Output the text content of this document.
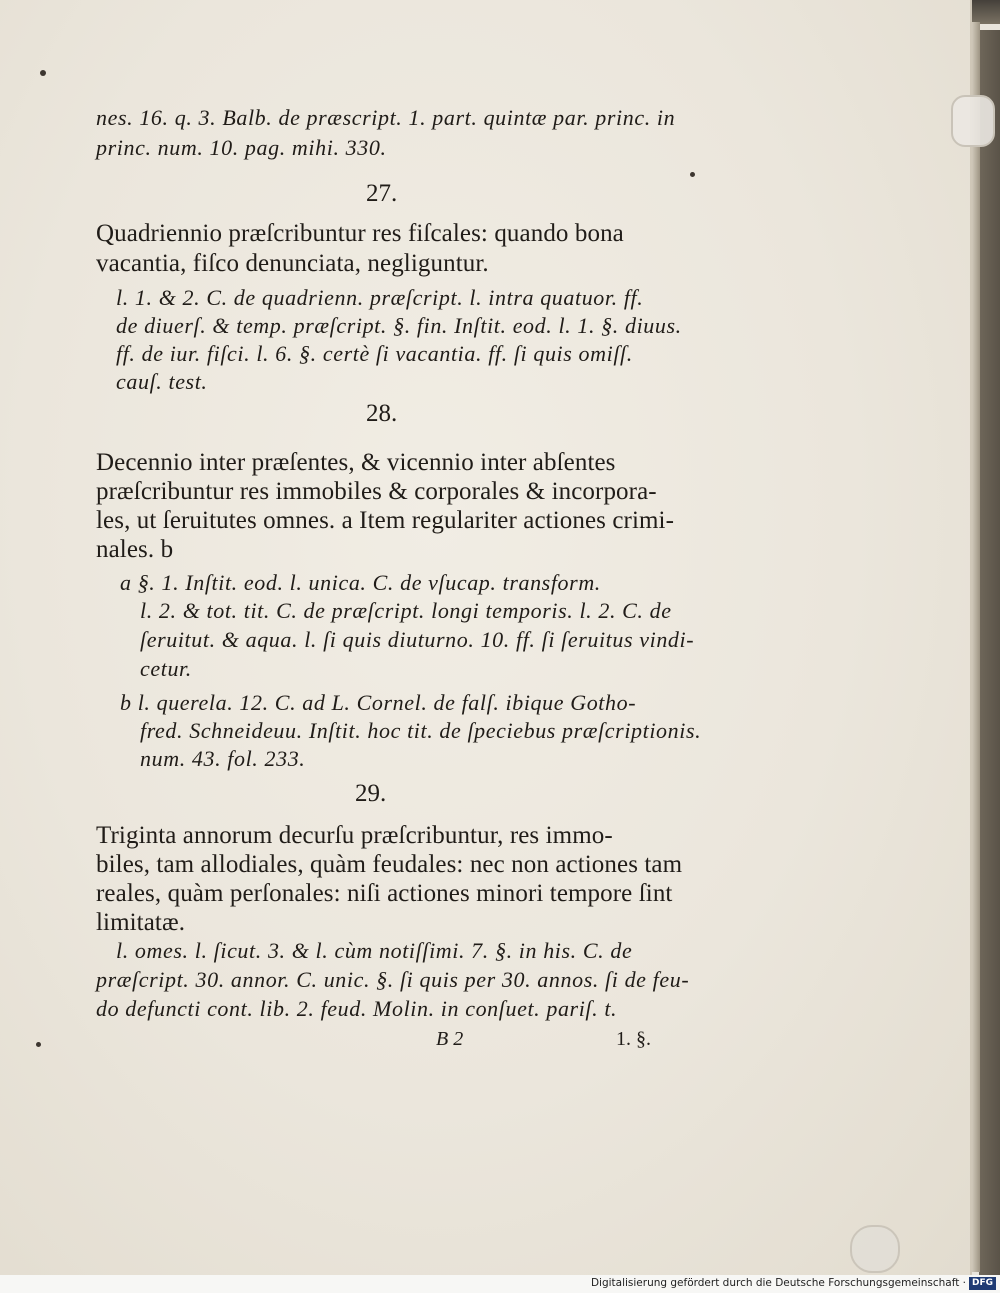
nes. 16. q. 3. Balb. de præscript. 1. part. quintæ par. princ. in
princ. num. 10. pag. mihi. 330.
27.
Quadriennio præſcribuntur res fiſcales: quando bona
vacantia, fiſco denunciata, negliguntur.
l. 1. & 2. C. de quadrienn. præſcript. l. intra quatuor. ff.
de diuerſ. & temp. præſcript. §. fin. Inſtit. eod. l. 1. §. diuus.
ff. de iur. fiſci. l. 6. §. certè ſi vacantia. ff. ſi quis omiſſ.
cauſ. test.
28.
Decennio inter præſentes, & vicennio inter abſentes
præſcribuntur res immobiles & corporales & incorpora-
les, ut ſeruitutes omnes. a Item regulariter actiones crimi-
nales. b
a §. 1. Inſtit. eod. l. unica. C. de vſucap. transform.
l. 2. & tot. tit. C. de præſcript. longi temporis. l. 2. C. de
ſeruitut. & aqua. l. ſi quis diuturno. 10. ff. ſi ſeruitus vindi-
cetur.
b l. querela. 12. C. ad L. Cornel. de falſ. ibique Gotho-
fred. Schneideuu. Inſtit. hoc tit. de ſpeciebus præſcriptionis.
num. 43. fol. 233.
29.
Triginta annorum decurſu præſcribuntur, res immo-
biles, tam allodiales, quàm feudales: nec non actiones tam
reales, quàm perſonales: niſi actiones minori tempore ſint
limitatæ.
l. omes. l. ſicut. 3. & l. cùm notiſſimi. 7. §. in his. C. de
præſcript. 30. annor. C. unic. §. ſi quis per 30. annos. ſi de feu-
do defuncti cont. lib. 2. feud. Molin. in conſuet. pariſ. t.
B 2	1. §.
Digitalisierung gefördert durch die Deutsche Forschungsgemeinschaft · DFG
